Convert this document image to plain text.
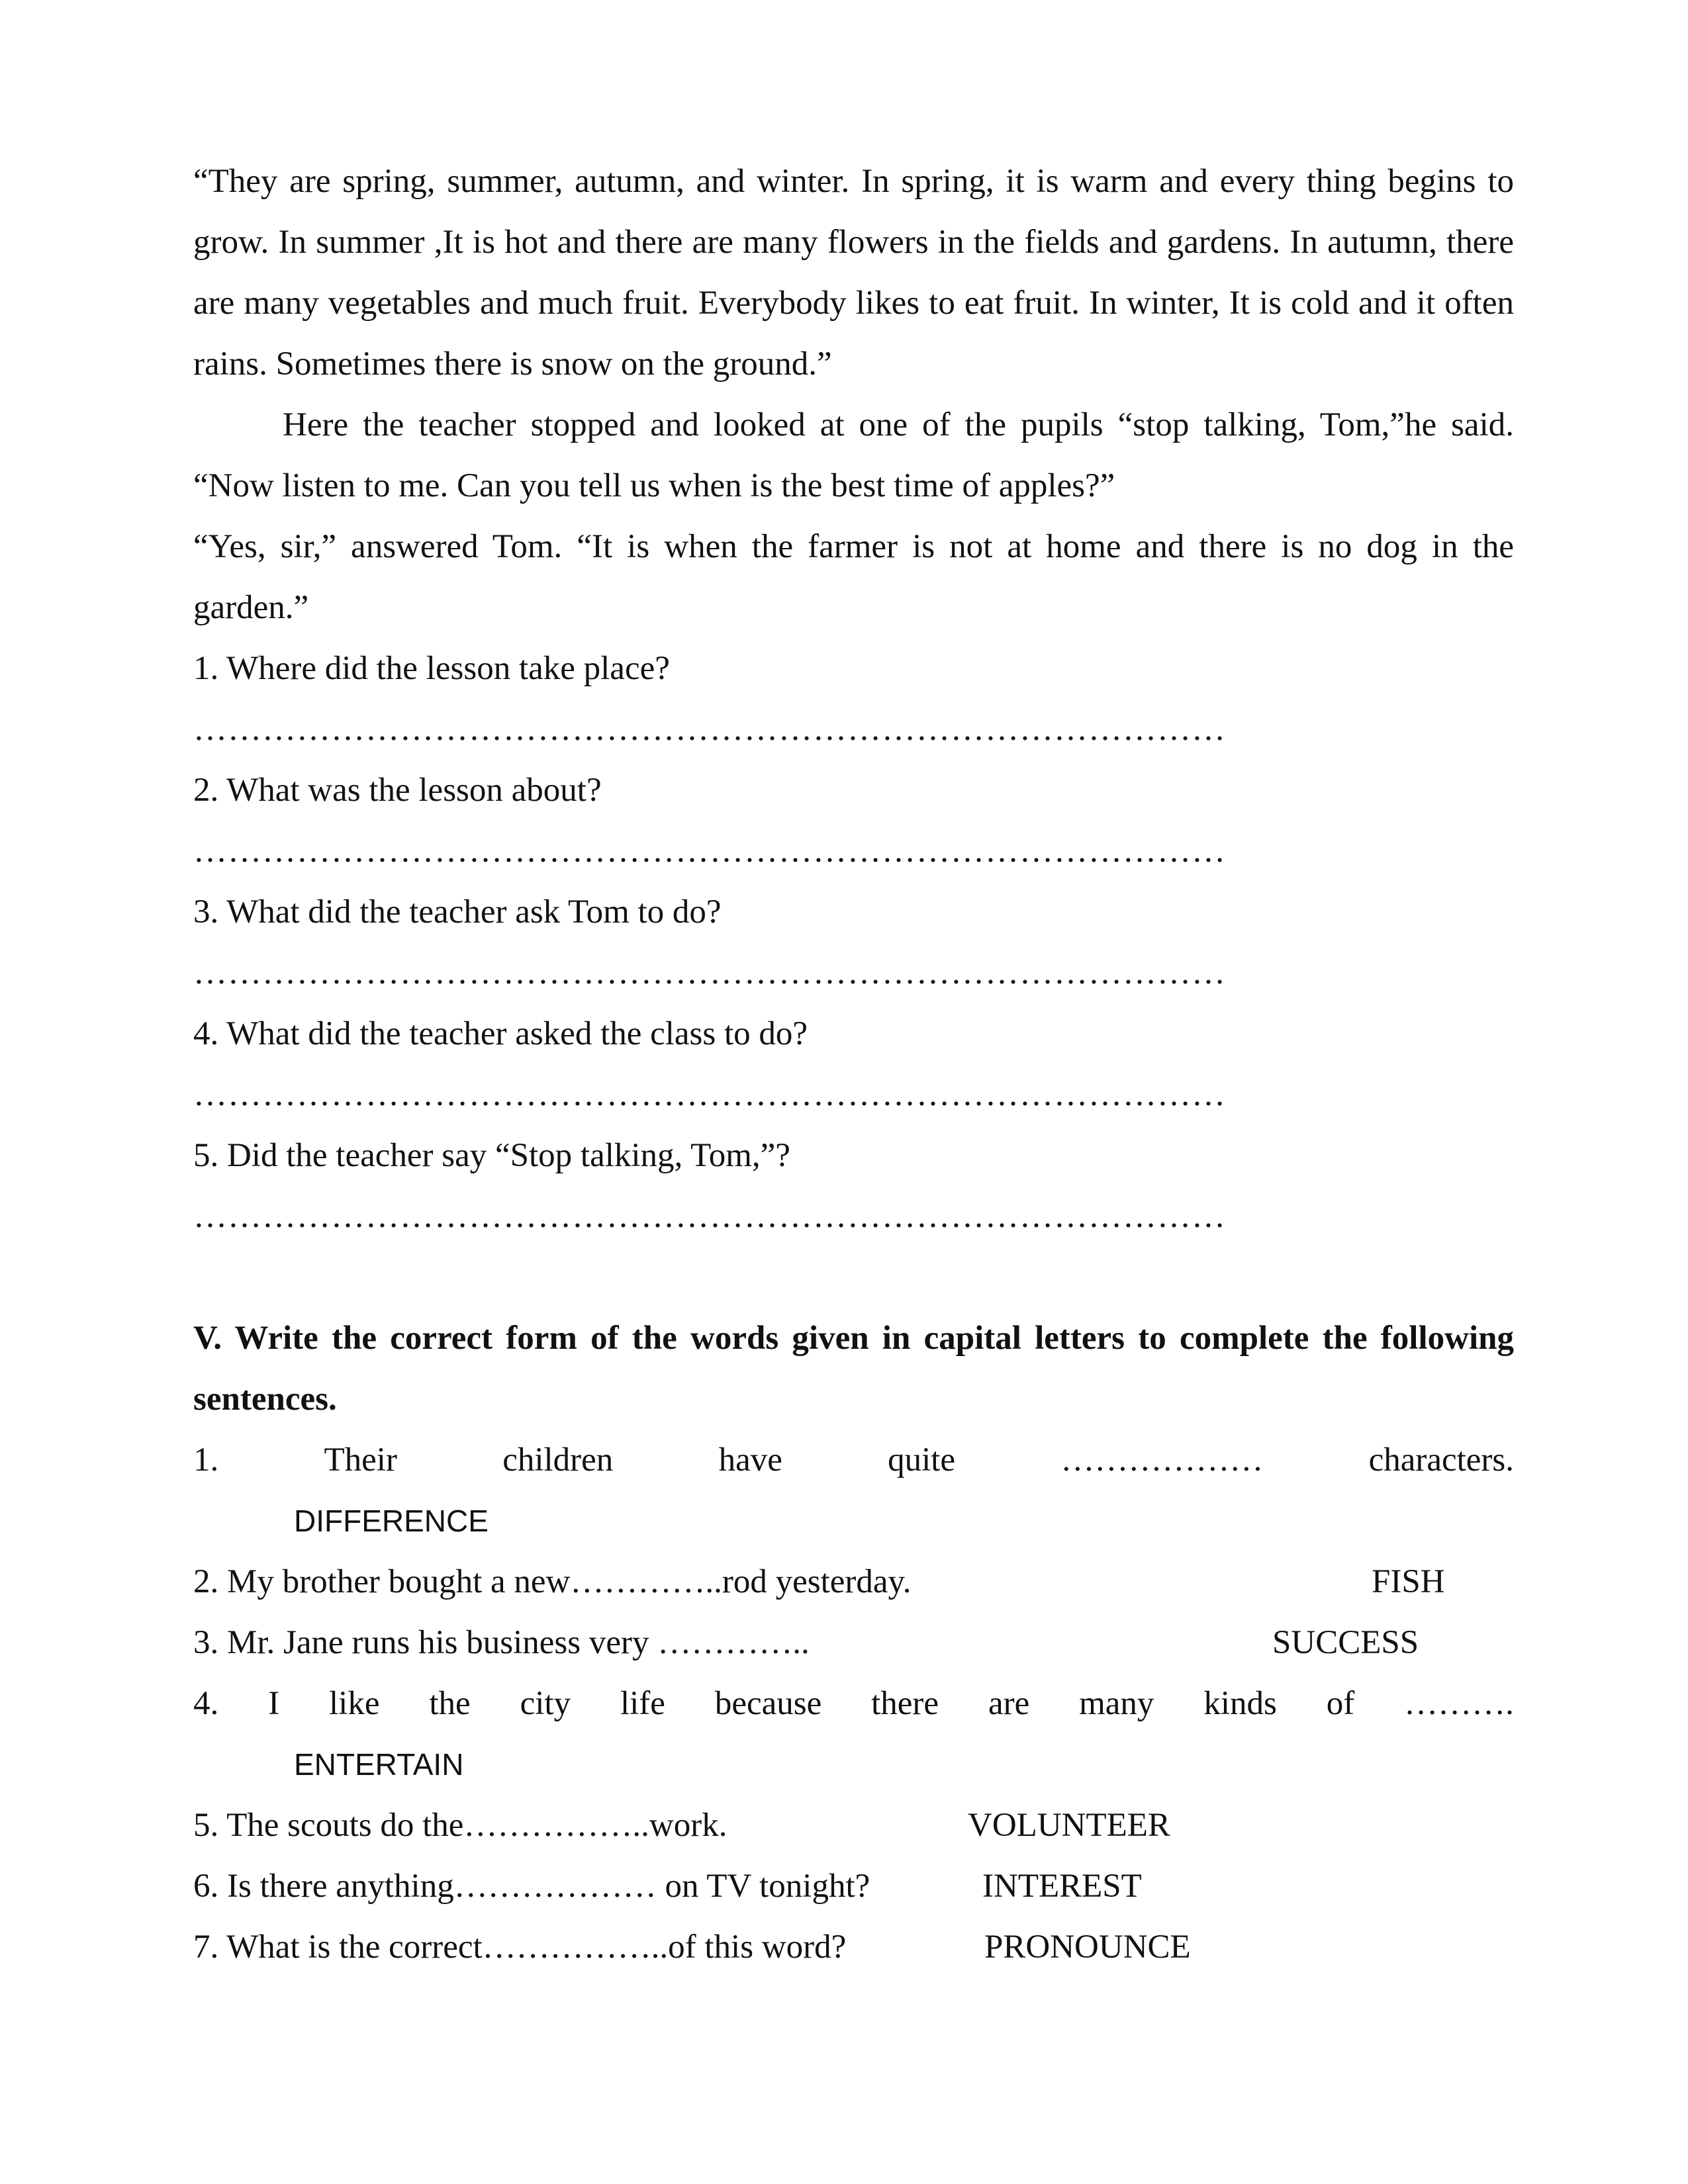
“They are spring, summer, autumn, and winter. In spring, it is warm and every thing begins to grow. In summer ,It is hot and there are many flowers in the fields and gardens. In autumn, there are many vegetables and much fruit. Everybody likes to eat fruit. In winter, It is cold and it often rains. Sometimes there is snow on the ground.”

Here the teacher stopped and looked at one of the pupils “stop talking, Tom,”he said. “Now listen to me. Can you tell us when is the best time of apples?”

“Yes, sir,” answered Tom. “It is when the farmer is not at home and there is no dog in the garden.”

1. Where did the lesson take place?

………………………………………………………………………………

2. What was the lesson about?

………………………………………………………………………………

3. What did the teacher ask Tom to do?

………………………………………………………………………………

4. What did the teacher asked the class to do?

………………………………………………………………………………

5. Did the teacher say “Stop talking, Tom,”?

………………………………………………………………………………

V. Write the correct form of the words given in capital letters to complete the following sentences.

1.	Their	children	have	quite	………………	characters.

DIFFERENCE

2. My brother bought a new…………..rod yesterday.	FISH
3. Mr. Jane runs his business very …………..	SUCCESS
4. I like the city life because there are many kinds of ……….

ENTERTAIN

5. The scouts do the……………..work.	VOLUNTEER
6. Is there anything……………… on TV tonight?	INTEREST
7. What is the correct……………..of this word?	PRONOUNCE
